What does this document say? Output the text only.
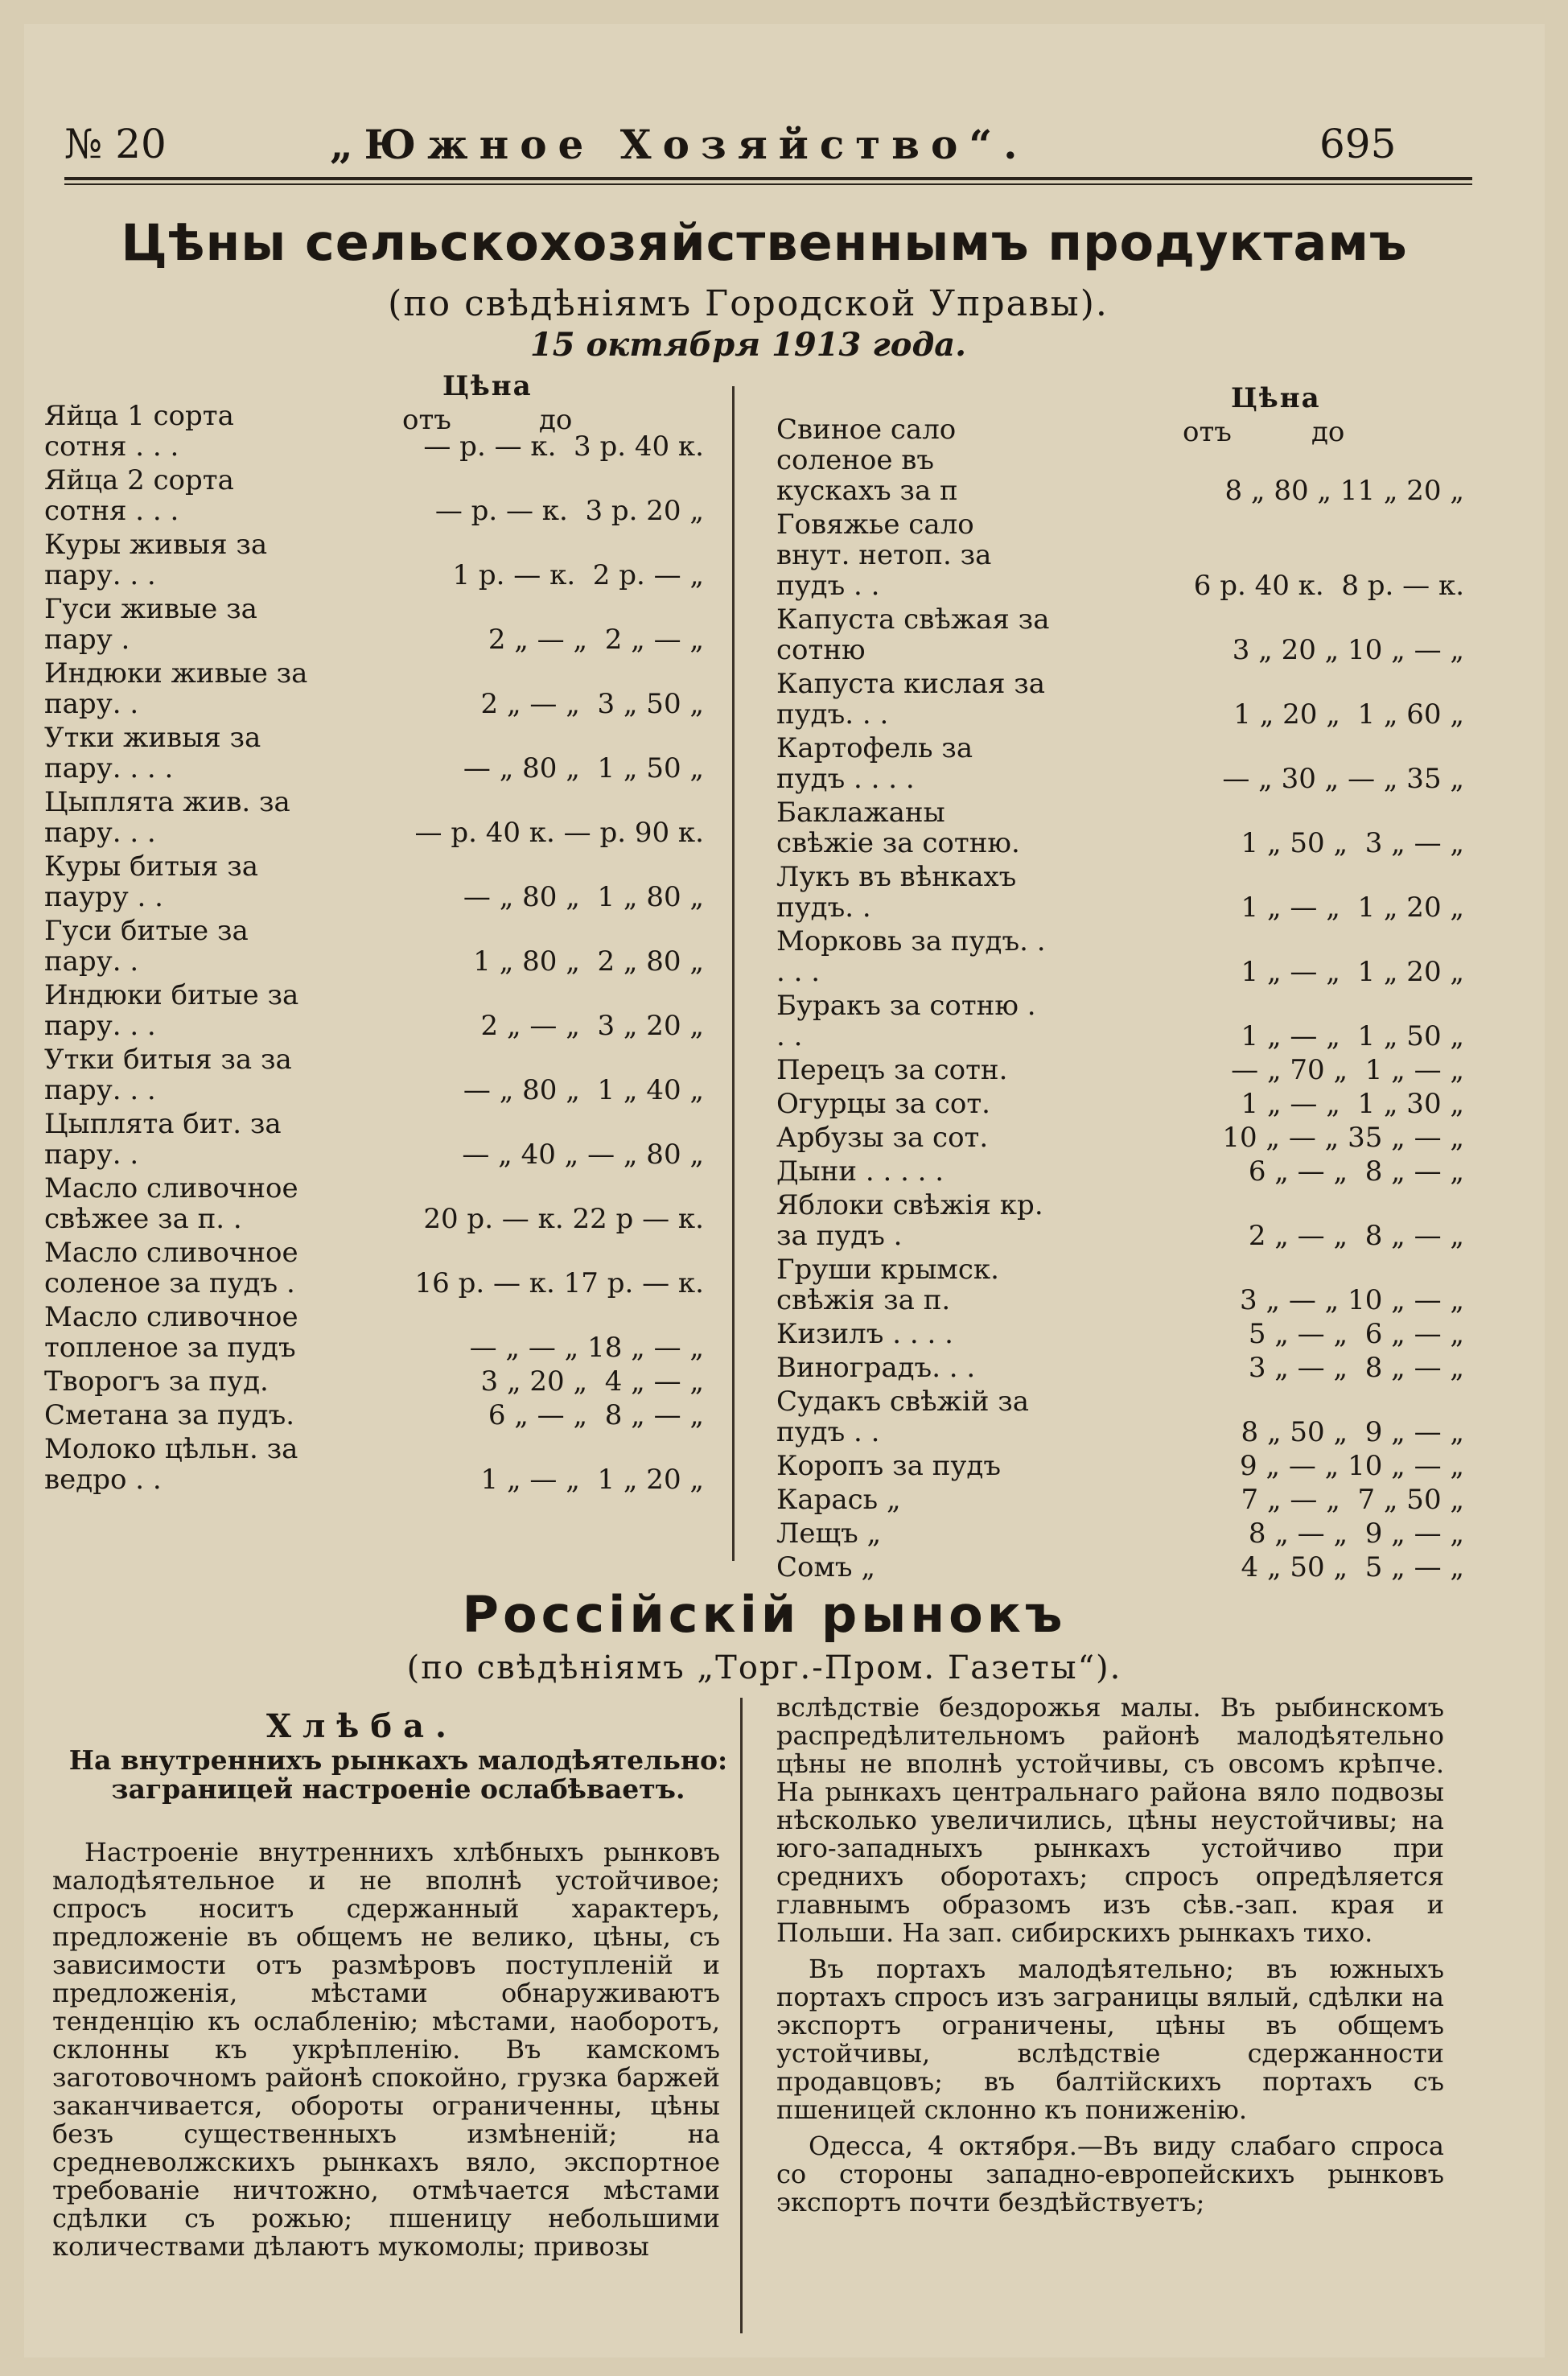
№ 20	„Южное Хозяйство“.	695
Цѣны сельскохозяйственнымъ продуктамъ
(по свѣдѣніямъ Городской Управы).
15 октября 1913 года.
Цѣна
отъ	до
Цѣна
отъ	до
Яйца 1 сорта сотня . . .	— р. — к.  3 р. 40 к.
Яйца 2 сорта сотня . . .	— р. — к.  3 р. 20 „
Куры живыя за пару. . .	1 р. — к.  2 р. — „
Гуси живые за пару .	2 „ — „  2 „ — „
Индюки живые за пару. .	2 „ — „  3 „ 50 „
Утки живыя за пару. . . .	— „ 80 „  1 „ 50 „
Цыплята жив. за пару. . .	— р. 40 к. — р. 90 к.
Куры битыя за пауру . .	— „ 80 „  1 „ 80 „
Гуси битые за пару. .	1 „ 80 „  2 „ 80 „
Индюки битые за пару. . .	2 „ — „  3 „ 20 „
Утки битыя за за пару. . .	— „ 80 „  1 „ 40 „
Цыплята бит. за пару. .	— „ 40 „ — „ 80 „
Масло сливочное свѣжее за п. .	20 р. — к. 22 р — к.
Масло сливочное соленое за пудъ .	16 р. — к. 17 р. — к.
Масло сливочное топленое за пудъ	— „ — „ 18 „ — „
Творогъ за пуд.	3 „ 20 „  4 „ — „
Сметана за пудъ.	6 „ — „  8 „ — „
Молоко цѣльн. за ведро . .	1 „ — „  1 „ 20 „
Свиное сало соленое въ кускахъ за п	8 „ 80 „ 11 „ 20 „
Говяжье сало внут. нетоп. за пудъ . .	6 р. 40 к.  8 р. — к.
Капуста свѣжая за сотню	3 „ 20 „ 10 „ — „
Капуста кислая за пудъ. . .	1 „ 20 „  1 „ 60 „
Картофель за пудъ . . . .	— „ 30 „ — „ 35 „
Баклажаны свѣжіе за сотню.	1 „ 50 „  3 „ — „
Лукъ въ вѣнкахъ пудъ. .	1 „ — „  1 „ 20 „
Морковь за пудъ. . . . .	1 „ — „  1 „ 20 „
Буракъ за сотню . . .	1 „ — „  1 „ 50 „
Перецъ за сотн.	— „ 70 „  1 „ — „
Огурцы за сот.	1 „ — „  1 „ 30 „
Арбузы за сот.	10 „ — „ 35 „ — „
Дыни . . . . .	6 „ — „  8 „ — „
Яблоки свѣжія кр. за пудъ .	2 „ — „  8 „ — „
Груши крымск. свѣжія за п.	3 „ — „ 10 „ — „
Кизилъ . . . .	5 „ — „  6 „ — „
Виноградъ. . .	3 „ — „  8 „ — „
Судакъ свѣжій за пудъ . .	8 „ 50 „  9 „ — „
Коропъ за пудъ	9 „ — „ 10 „ — „
Карась „	7 „ — „  7 „ 50 „
Лещъ „	8 „ — „  9 „ — „
Сомъ „	4 „ 50 „  5 „ — „
Россійскій рынокъ
(по свѣдѣніямъ „Торг.-Пром. Газеты“).
Хлѣба.
На внутреннихъ рынкахъ малодѣятельно: заграницей настроеніе ослабѣваетъ.

Настроеніе внутреннихъ хлѣбныхъ рынковъ малодѣятельное и не вполнѣ устойчивое; спросъ носитъ сдержанный характеръ, предложеніе въ общемъ не велико, цѣны, съ зависимости отъ размѣровъ поступленій и предложенія, мѣстами обнаруживаютъ тенденцію къ ослабленію; мѣстами, наоборотъ, склонны къ укрѣпленію. Въ камскомъ заготовочномъ районѣ спокойно, грузка баржей заканчивается, обороты ограниченны, цѣны безъ существенныхъ измѣненій; на средневолжскихъ рынкахъ вяло, экспортное требованіе ничтожно, отмѣчается мѣстами сдѣлки съ рожью; пшеницу небольшими количествами дѣлаютъ мукомолы; привозы

вслѣдствіе бездорожья малы. Въ рыбинскомъ распредѣлительномъ районѣ малодѣятельно цѣны не вполнѣ устойчивы, съ овсомъ крѣпче. На рынкахъ центральнаго района вяло подвозы нѣсколько увеличились, цѣны неустойчивы; на юго-западныхъ рынкахъ устойчиво при среднихъ оборотахъ; спросъ опредѣляется главнымъ образомъ изъ сѣв.-зап. края и Польши. На зап. сибирскихъ рынкахъ тихо.

Въ портахъ малодѣятельно; въ южныхъ портахъ спросъ изъ заграницы вялый, сдѣлки на экспортъ ограничены, цѣны въ общемъ устойчивы, вслѣдствіе сдержанности продавцовъ; въ балтійскихъ портахъ съ пшеницей склонно къ пониженію.

Одесса, 4 октября.—Въ виду слабаго спроса со стороны западно-европейскихъ рынковъ экспортъ почти бездѣйствуетъ;
